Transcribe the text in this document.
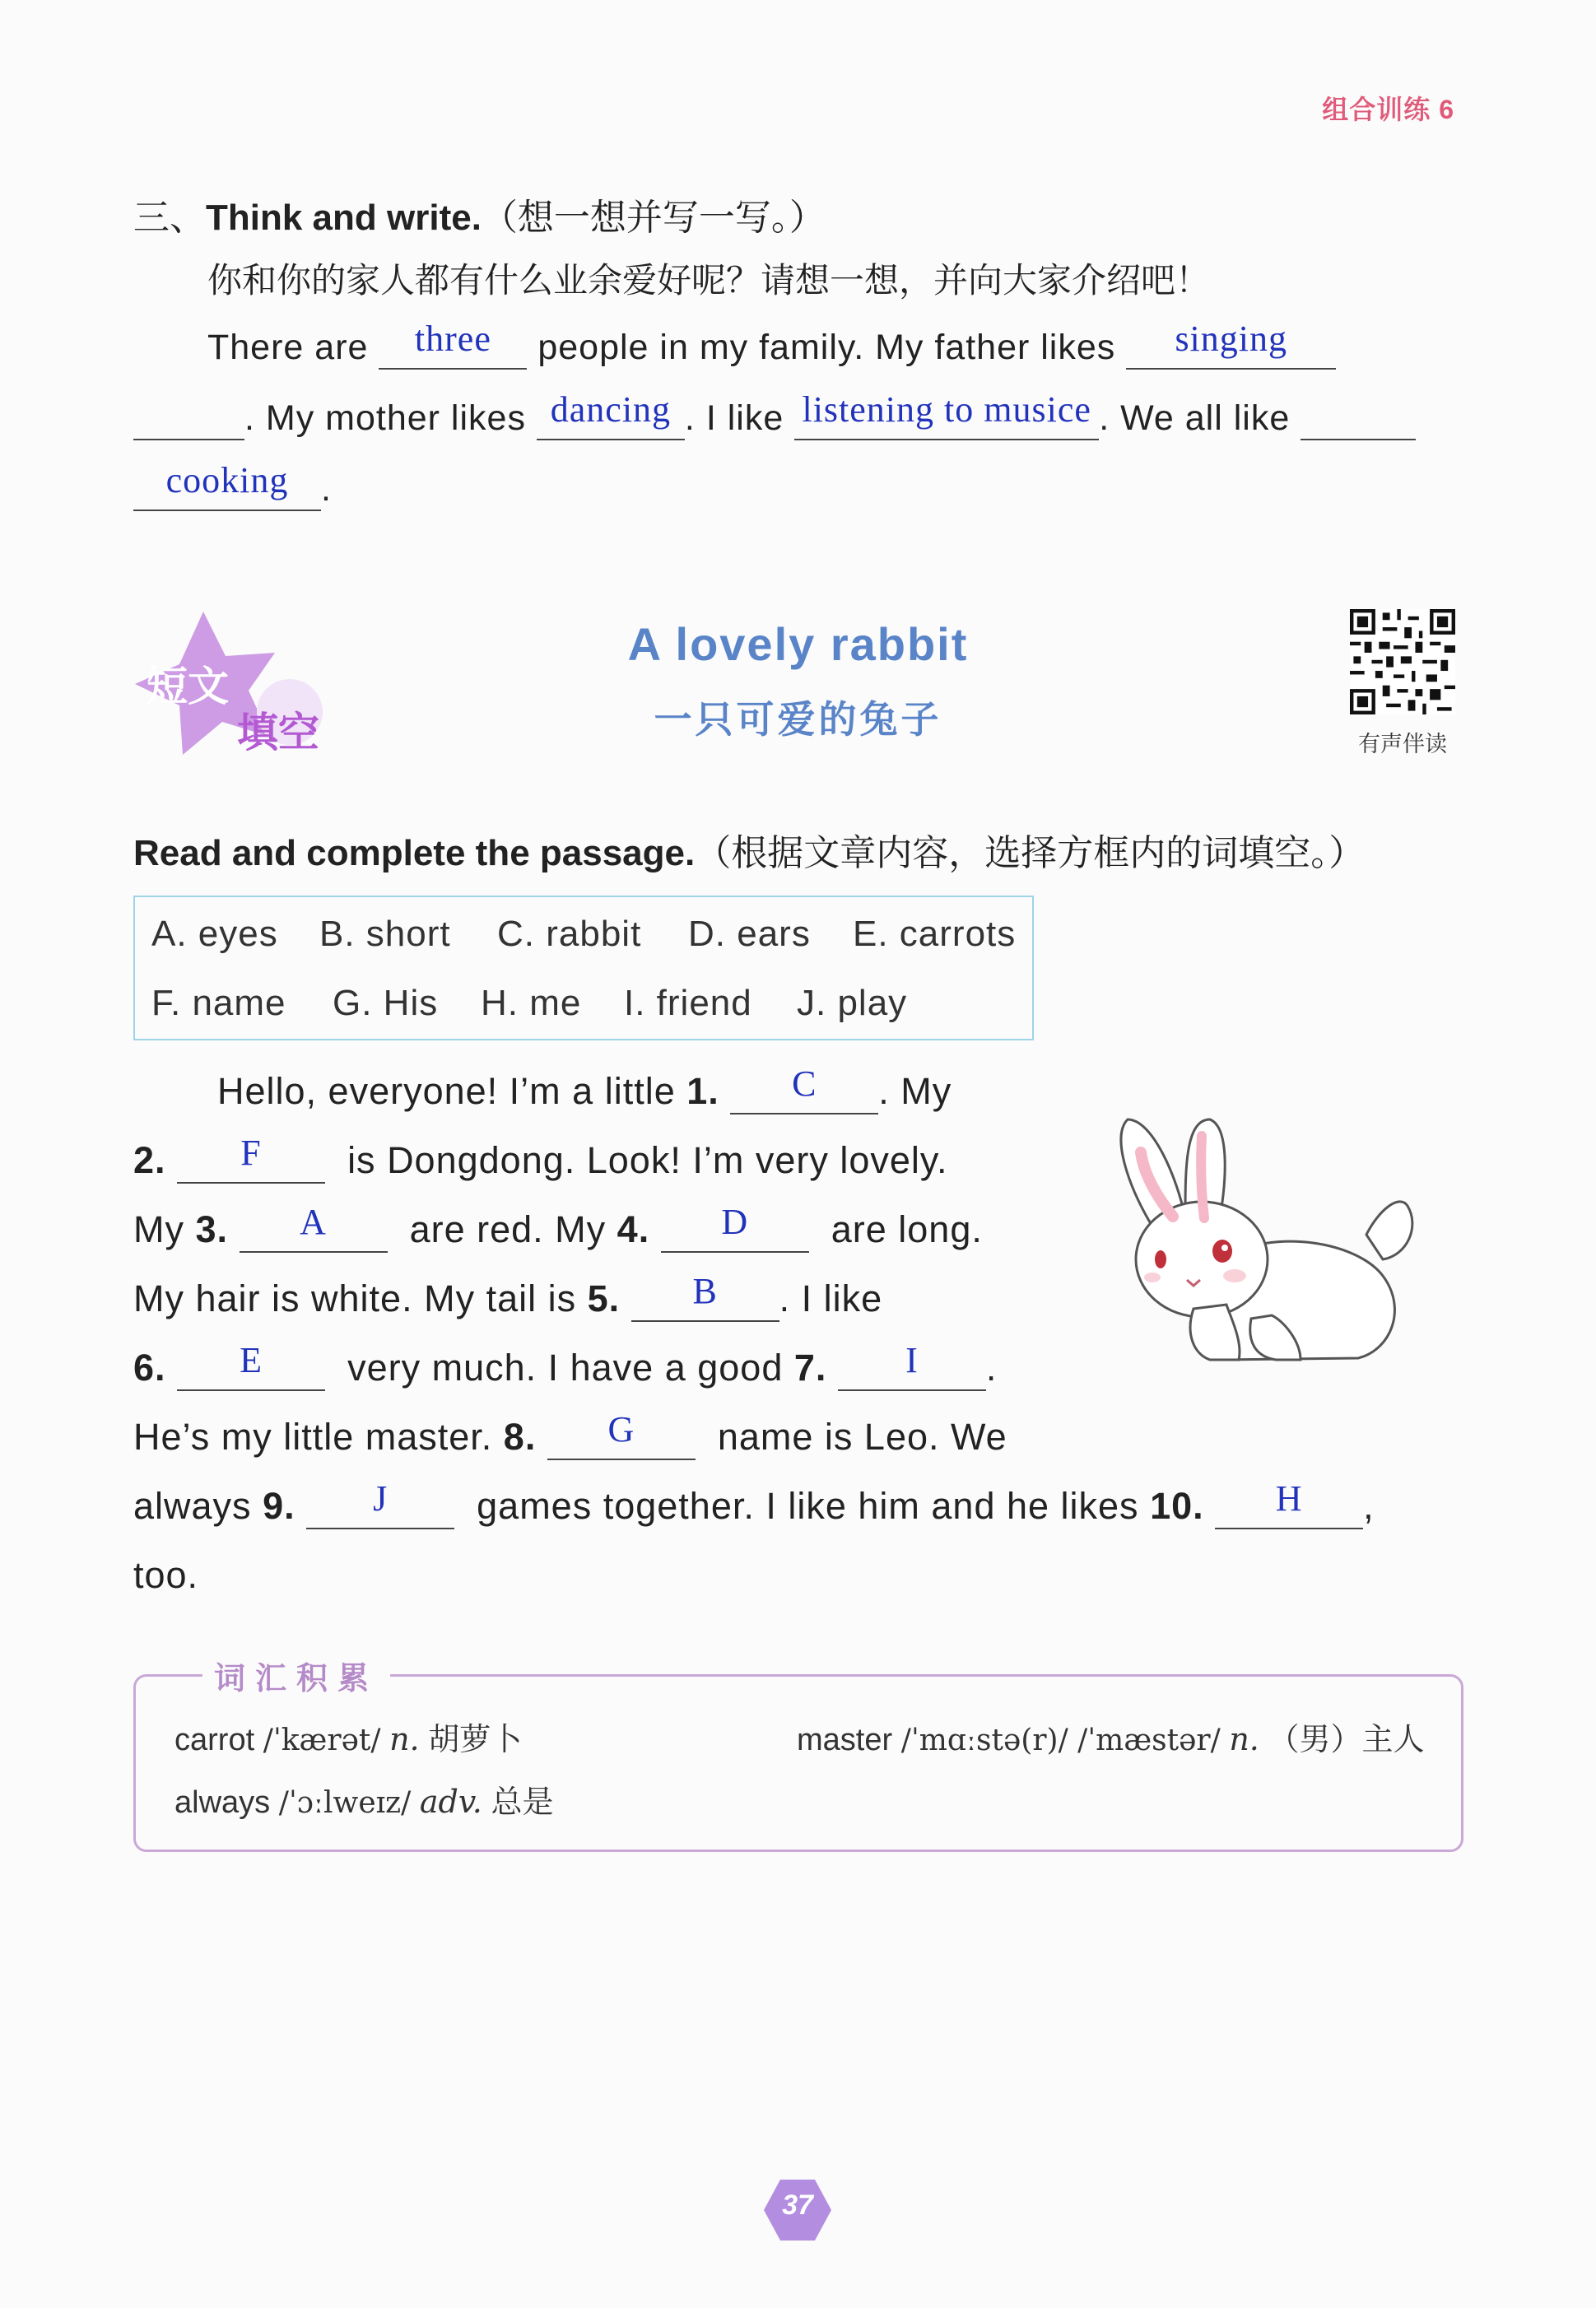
组合训练 6
三、Think and write.（想一想并写一写。）
你和你的家人都有什么业余爱好呢？请想一想，并向大家介绍吧！
There are	three	people in my family. My father likes	singing

. My mother likes dancing . I like listening to musice . We all like
cooking .
短文
填空
A lovely rabbit
一只可爱的兔子
有声伴读
Read and complete the passage.（根据文章内容，选择方框内的词填空。）
A. eyes B. short C. rabbit D. ears E. carrots
F. name G. His H. me I. friend J. play
Hello, everyone! I’m a little 1.	C	. My
2.	F	is Dongdong. Look! I’m very lovely.
My 3.	A	are red. My 4.	D	are long.
My hair is white. My tail is 5.	B	. I like
6.	E	very much. I have a good 7.	I	.
He’s my little master. 8.	G	name is Leo. We
always 9.	J	games together. I like him and he likes 10.	H	,
too.
词汇积累
carrot /ˈkærət/ n. 胡萝卜	master /ˈmɑːstə(r)/ /ˈmæstər/ n. （男）主人
always /ˈɔːlweɪz/ adv. 总是
37
